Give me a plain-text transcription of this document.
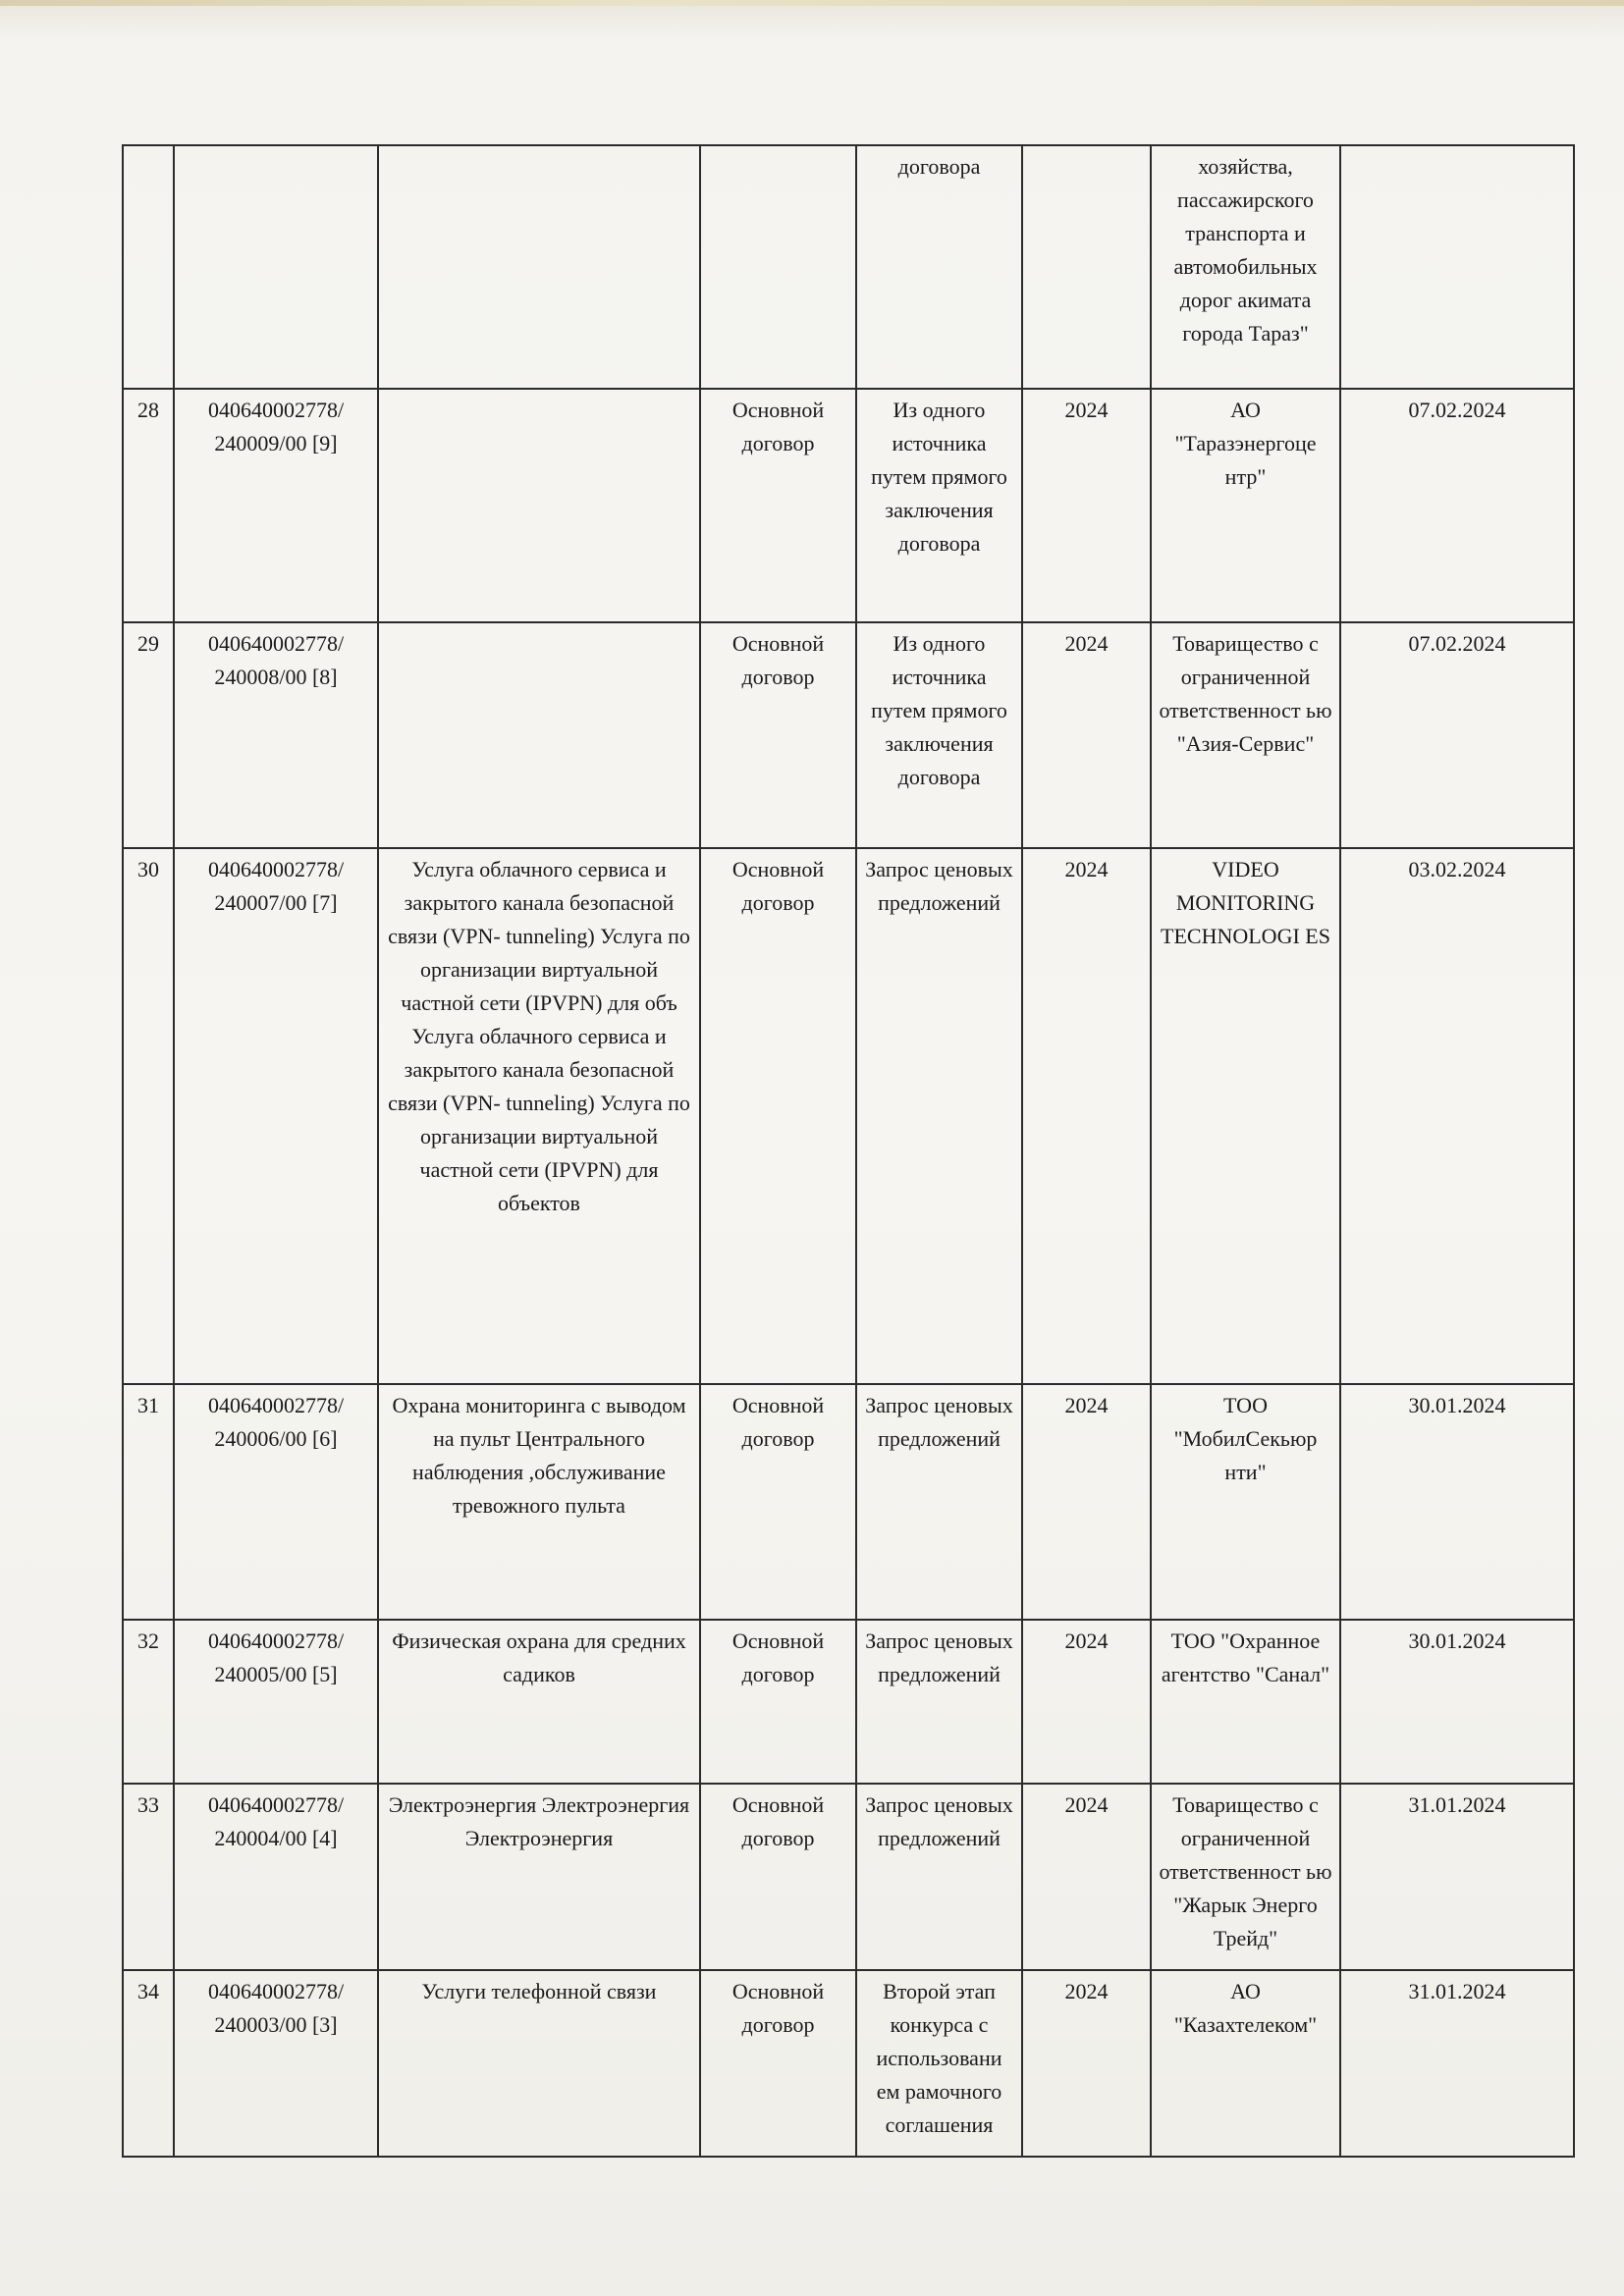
				договора		хозяйства, пассажирского транспорта и автомобильных дорог акимата города Тараз"	
28	040640002778/ 240009/00 [9]		Основной договор	Из одного источника путем прямого заключения договора	2024	АО "Таразэнергоце нтр"	07.02.2024
29	040640002778/ 240008/00 [8]		Основной договор	Из одного источника путем прямого заключения договора	2024	Товарищество с ограниченной ответственност ью "Азия-Сервис"	07.02.2024
30	040640002778/ 240007/00 [7]	Услуга облачного сервиса и закрытого канала безопасной связи (VPN- tunneling) Услуга по организации виртуальной частной сети (IPVPN) для объ Услуга облачного сервиса и закрытого канала безопасной связи (VPN- tunneling) Услуга по организации виртуальной частной сети (IPVPN) для объектов	Основной договор	Запрос ценовых предложений	2024	VIDEO MONITORING TECHNOLOGI ES	03.02.2024
31	040640002778/ 240006/00 [6]	Охрана мониторинга с выводом на пульт Центрального наблюдения ,обслуживание тревожного пульта	Основной договор	Запрос ценовых предложений	2024	ТОО "МобилСекьюр нти"	30.01.2024
32	040640002778/ 240005/00 [5]	Физическая охрана для средних садиков	Основной договор	Запрос ценовых предложений	2024	ТОО "Охранное агентство "Санал"	30.01.2024
33	040640002778/ 240004/00 [4]	Электроэнергия Электроэнергия Электроэнергия	Основной договор	Запрос ценовых предложений	2024	Товарищество с ограниченной ответственност ью "Жарык Энерго Трейд"	31.01.2024
34	040640002778/ 240003/00 [3]	Услуги телефонной связи	Основной договор	Второй этап конкурса с использовани ем рамочного соглашения	2024	АО "Казахтелеком"	31.01.2024
